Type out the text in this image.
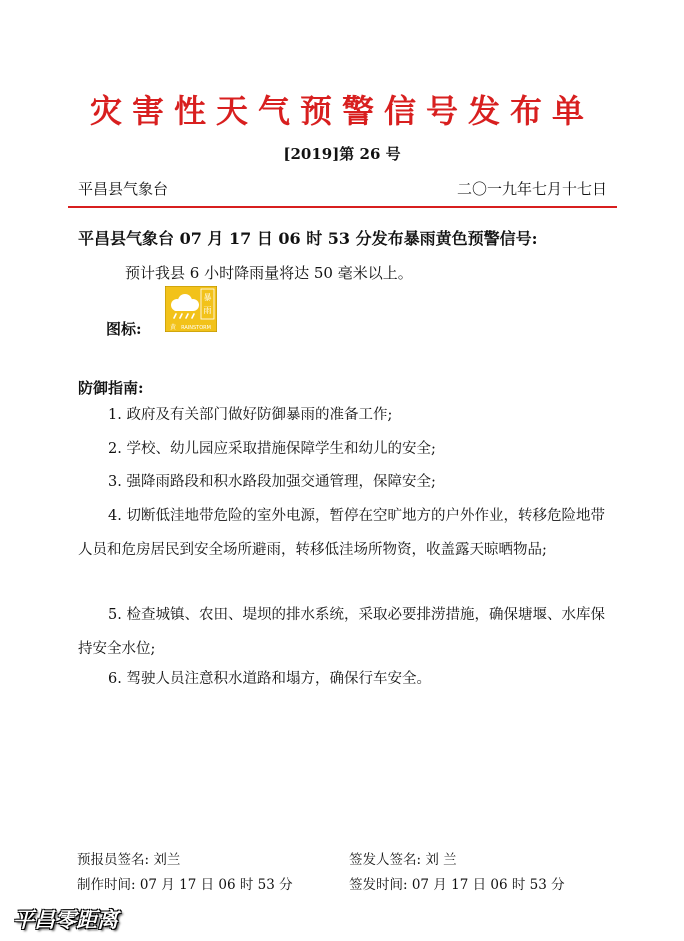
灾害性天气预警信号发布单
[2019]第 26 号
平昌县气象台	二〇一九年七月十七日
平昌县气象台 07 月 17 日 06 时 53 分发布暴雨黄色预警信号:
预计我县 6 小时降雨量将达 50 毫米以上。
图标:
暴
雨
黄 RAINSTORM
防御指南:
1. 政府及有关部门做好防御暴雨的准备工作;
2. 学校、幼儿园应采取措施保障学生和幼儿的安全;
3. 强降雨路段和积水路段加强交通管理，保障安全;
4. 切断低洼地带危险的室外电源，暂停在空旷地方的户外作业，转移危险地带人员和危房居民到安全场所避雨，转移低洼场所物资，收盖露天晾晒物品;
5. 检查城镇、农田、堤坝的排水系统，采取必要排涝措施，确保塘堰、水库保持安全水位;
6. 驾驶人员注意积水道路和塌方，确保行车安全。
预报员签名: 刘兰	签发人签名: 刘 兰
制作时间: 07 月 17 日 06 时 53 分	签发时间: 07 月 17 日 06 时 53 分
平昌零距离
